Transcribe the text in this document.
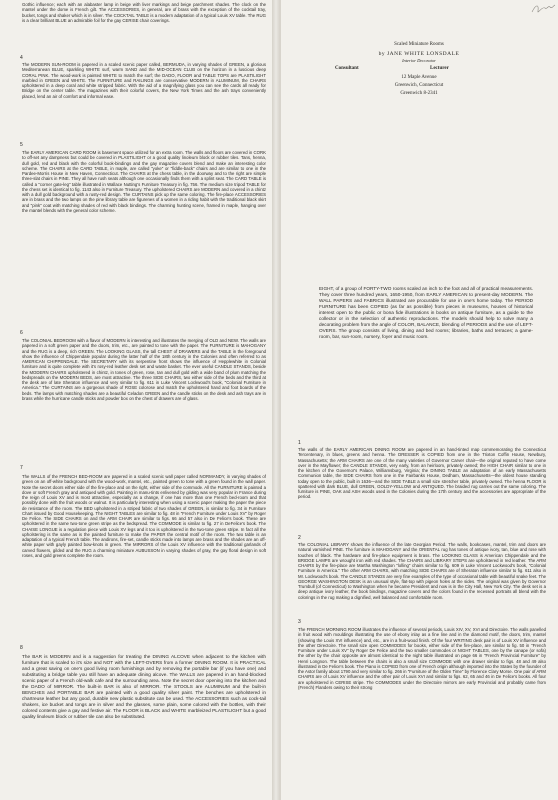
Gothic influence; each with an alabaster lamp in beige with liver markings and beige parchment shades. The clock on the mantel under the dome is French gilt. The ACCESSORIES, in general, are of brass with the exception of the cocktail tray, bucket, tongs and shaker which is in silver. The COCKTAIL TABLE is a modern adaptation of a typical Louis XV table. The RUG is a clear brilliant BLUE an admirable foil for the gay CERISE chair coverings.
4
The MODERN SUN-ROOM is papered in a scaled scenic paper called, BERMUDA, in varying shades of GREEN, a glorious Mediterranean BLUE, sparkling WHITE surf, warm SAND and the MID-OCEAN CLUB on the horizon in a luscious deep CORAL PINK. The wood-work is painted WHITE to match the surf; the DADO, FLOOR and TABLE TOPS are PLASTILIGHT marbled in GREEN and WHITE. The FURNITURE and RAILINGS are conservative MODERN in ALUMINUM, the CHAIRS upholstered in a deep coral and white stripped fabric. With the aid of a magnifying glass you can see the cards all ready for Bridge on the center table. The magazines with their colorful covers, the New York Times and the ash trays conveniently placed, lend an air of comfort and informal ease.
5
The EARLY AMERICAN CARD ROOM is basement space utilized for an extra room. The walls and floors are covered in CORK to off-set any dampness but could be covered in PLASTILIGHT or a good quality linoleum block or rubber tiles. Tans, henna, dull gold, red and black with the colorful book-bindings and the gay magazine covers blend and make an interesting color scheme. The CHAIRS at the CARD TABLE, in maple, are called "yoke" or "fiddle-back" chairs and are similar to one in the Pardee-Morris House in New Haven, Connecticut. The CHAIRS at the chess table, in the doorway and to the right are simple three-slat chairs in PINE. They all have rush seats although one occasionally finds them with a splint seat. The CARD TABLE is called a "corner gate-leg" table illustrated in Wallace Nutting's Furniture Treasury in fig. 756. The medium size tripod TABLE for the chess set is identical to fig. 1143 also in Furniture Treasury. The upholstered CHAIRS are MODERN and covered in a chintz with a dull gold background with a rusty-red design. The CURTAINS pick up the same coloring. The fire-place ACCESSORIES are in brass and the two lamps on the pine library table are figurenes of a women in a riding habit with the traditional black skirt and "pink" coat with matching shades of red with black bindings. The charming hunting scene, framed in maple, hanging over the mantel blends with the general color scheme.
6
The COLONIAL BEDROOM with a flavor of MODERN is interesting and illustrates the merging of OLD and NEW. The walls are papered in a soft green paper and the doors, trim, etc., are painted to tone with the paper. The FURNITURE is MAHOGANY and the RUG is a deep, rich GREEN. The LOOKING GLASS, the tall CHEST of DRAWERS and the TABLE in the foreground show the influence of Chippendale popular during the latter half of the 18th century in the Colonies and often referred to as AMERICAN CHIPPENDALE. The SECRETARY with its serpentine front shows the influence of Hepplewhite in Colonial furniture and is quite complete with it's rosy-red leather desk set and waste basket. The ever useful CANDLE STANDS, beside the MODERN CHAIRS upholstered in chintz, in tones of green, rose, tan and dull gold with a wide band of plum matching the bedspreads on the MODERN BEDS, are most attractive. The three SIDE CHAIRS, two either side of the beds and the third at the desk are of late Sheraton influence and very similar to fig. 611 in Luke Vincent Lockwood's book, "Colonial Furniture in America." The CURTAINS are a gorgeous shade of ROSE colorose and match the upholstered hand and foot boards of the beds. The lamps with matching shades are a beautiful Celadon GREEN and the candle sticks on the desk and ash trays are in brass while the hurricane candle sticks and powder box on the chest of drawers are of glass.
7
The WALLS of the FRENCH BED-ROOM are papered in a scaled scenic wall paper called NORMANDY, in varying shades of green on an off-white background with the wood-work, mantel, etc., painted green to tone with a green found in the wall paper. Note the secret doors either side of the fire-place and on the right, either side of the commode. All the FURNITURE is painted a dove or soft French gray and antiqued with gold. Painting in manu-tints enlivened by gilding was very popular in France during the reign of Louis XV and is most attractive, especially as a change, if one has more than one French bed-room and that possibly done with the fruit woods or walnut. It is particularly interesting when using a scenic paper making the paper the piece de resistance of the room. The BED upholstered in a striped fabric of two shades of GREEN, is similar to fig. 34 in Furniture Chart issued by Good Housekeeping. The NIGHT TABLES are similar to fig. 48 in "French Furniture under Louis XV" by Roger De Felice. The SIDE CHAIRS on and the ARM CHAIR are similar to figs. 66 and 57 also in De Felice's book. These are upholstered in the same two-tone green stripe as the bedspread. The COMMODE is similar to fig. 27 in DeFelice's book. The CHAISE LONGUE is a regulation piece with Louis XV legs and it too is upholstered in the two-tone green stripe. In fact all the upholstering is the same as is the painted furniture to make the PAPER the central motif of the room. The two table is an adaptation of a typical French table. The andirons, fire-set, candle sticks made into lamps are brass and the shades are an off-white paper with gayly painted bow-knots in green. The MIRRORS of the Louis XV influence with the traditional garlands of carved flowers, gilded and the RUG a charming miniature AUBUSSON in varying shades of gray, the gay floral design in soft roses, and gold greens complete the room.
8
The BAR is MODERN and is a suggestion for treating the DINING ALCOVE when adjacent to the kitchen with furniture that is scaled to it's size and NOT with the LEFT-OVERS from a former DINING ROOM. It is PRACTICAL and a great saving on one's good living room furnishings and by removing the portable bar (if you have one) and substituting a bridge table you still have an adequate dining alcove. The WALLS are papered in an hand-blocked scenic paper of a French old-walk cafe and the surrounding area. Note the secret door opening into the kitchen and the DADO of MIRROR. The built-in BAR is also of MIRROR. The STOOLS are ALUMINUM and the built-in BENCHES and PORTABLE BAR are painted with a good quality silver paint. The benches are upholstered in chartreuse leather but any good, durable new plastic substitute can be used. The ACCESSORIES such as cock-tail shakers, ice bucket and tongs are in silver and the glasses, some plain, some colored with the bottles, with their colored contents give a gay and festive air. The FLOOR is BLACK and WHITE marbleized PLASTILIGHT but a good quality linoleum block or rubber tile can also be substituted.
Scaled Miniature Rooms
by JANE WHITE LONSDALE
Interior Decorator
12 Maple Avenue
Greenwich, Connecticut
Greenwich 8-2341
Consultant	Lecturer
EIGHT, of a group of FORTY-TWO rooms scaled an inch to the foot and all of practical measurements. They cover three hundred years, 1650-1950, from EARLY AMERICAN to present-day MODERN. The WALL PAPERS and FABRICS illustrated are procurable for use in one's home today. The PERIOD FURNITURE has been COPIED (as far as possible) from pieces in museums, houses of historical interest open to the public or bona fide illustrations in books on antique furniture, as a guide to the collector or in the selection of authentic reproductions. The models should help to solve many a decorating problem from the angle of COLOR, BALANCE, blending of PERIODS and the use of LEFT-OVERS. The group consists of living, dining and bed rooms; libraries, baths and terraces; a game-room, bar, sun-room, nursery, foyer and music room.
1
The walls of the EARLY AMERICAN DINING ROOM are papered in an hand-tinted map commemorating the Connecticut Tercentenary, in blues, greens and henna. The DRESSER is COPIED from one in the Trixton Coffin House, Newbury, Massachusetts; the ARM CHAIRS are one of the many varieties of Governor Carver chair—the original reputed to have come over in the Mayflower; the CANDLE STANDS, very early, from an heirloom, privately owned; the HIGH CHAIR similar to one in the kitchen of the Governor's Palace, Williamsburg, Virginia; the DINING TABLE an adaptation of an early Massachusetts Communion table, the SIDE CHAIRS from one in the Fairbanks House, Dedham, Massachusetts—the oldest house standing today open to the public, built in 1636—and the SIDE TABLE a small size stretcher table, privately owned. The henna FLOOR is spattered with dark BLUE, dull GREEN, GOLDY-YELLOW and ANTIQUED. The braided rug carries out the same coloring. The furniture is PINE, OAK and ASH woods used in the Colonies during the 17th century and the accessories are appropriate of the period.
2
The COLONIAL LIBRARY shows the influence of the late Georgian Period. The walls, bookcases, mantel, trim and doors are natural varnished PINE. The furniture is MAHOGANY and the ORIENTAL rug has tones of antique ivory, tan, blue and rose with touches of black. The hardware and fire-place equipment is brass. The LOOKING GLASS is American Chippendale and the BRIDGE LAMPS are wrought iron with red shades. The CHAIRS and LIBRARY STEPS are upholstered in red leather. The ARM CHAIRS by the fire-place are Martha Washington "lolling" chairs similar to fig. 609 in Luke Vincent Lockwood's book, "Colonial Furniture in America." The other ARM CHAIRS, with matching SIDE CHAIRS are of Sheraton influence similar to fig. 611 also in Mr. Lockwood's book. The CANDLE STANDS are very fine examples of the type of occasional table with beautiful snake feet. The GEORGE WASHINGTON DESK is an unusual style, flat-top with pigeon holes at the sides. The original was given by Governor Trumbull (of Connecticut) to Washington when he became President and now is in the City Hall, New York City. The desk set is a deep antique ivory leather, the book bindings, magazine covers and the colors found in the recessed portraits all blend with the colorings in the rug making a dignified, well balanced and comfortable room.
3
The FRENCH MORNING ROOM illustrates the influence of several periods, Louis XIV, XV, XVI and Directoire. The walls panelled in fruit wood with mouldings illustrating the use of ebony inlay as a fine line and in the diamond motif, the doors, trim, mantel (showing the Louis XVI influence) and, etc., are in a fruit-wood finish. Of the four WRITING desk pair is of Louis XV influence and the other Directoire. The small size open COMMODES for books, either side of the fire-place, are similar to fig. 50 in "French Furniture under Louis XV" by Roger De Felice and the two smaller commodes or NIGHT TABLES, one by the canape (or sofa) the other by the chair opposite are almost identical to the night table illustrated on page 66 in "French Provincial Furniture" by Henri Longnon. The table between the chairs is also a small size COMMODE with one drawer similar to figs. 48 and 49 also illustrated in De Felice's book. The Piano is COPIED from one of French origin although imported into the States by the founder of the Astor family about 1790 and very similar to fig. 266 in "Furniture of the Olden Time" by Florence Clary Morse. One pair of ARM CHAIRS are of Louis XV influence and the other pair of Louis XVI and similar to figs. 62, 65 and 46 in De Felice's books. All four are upholstered in CERISE stripe. The COMMODES under the Directoire mirrors are early Provincial and probably came from (French) Flanders owing to their strong
